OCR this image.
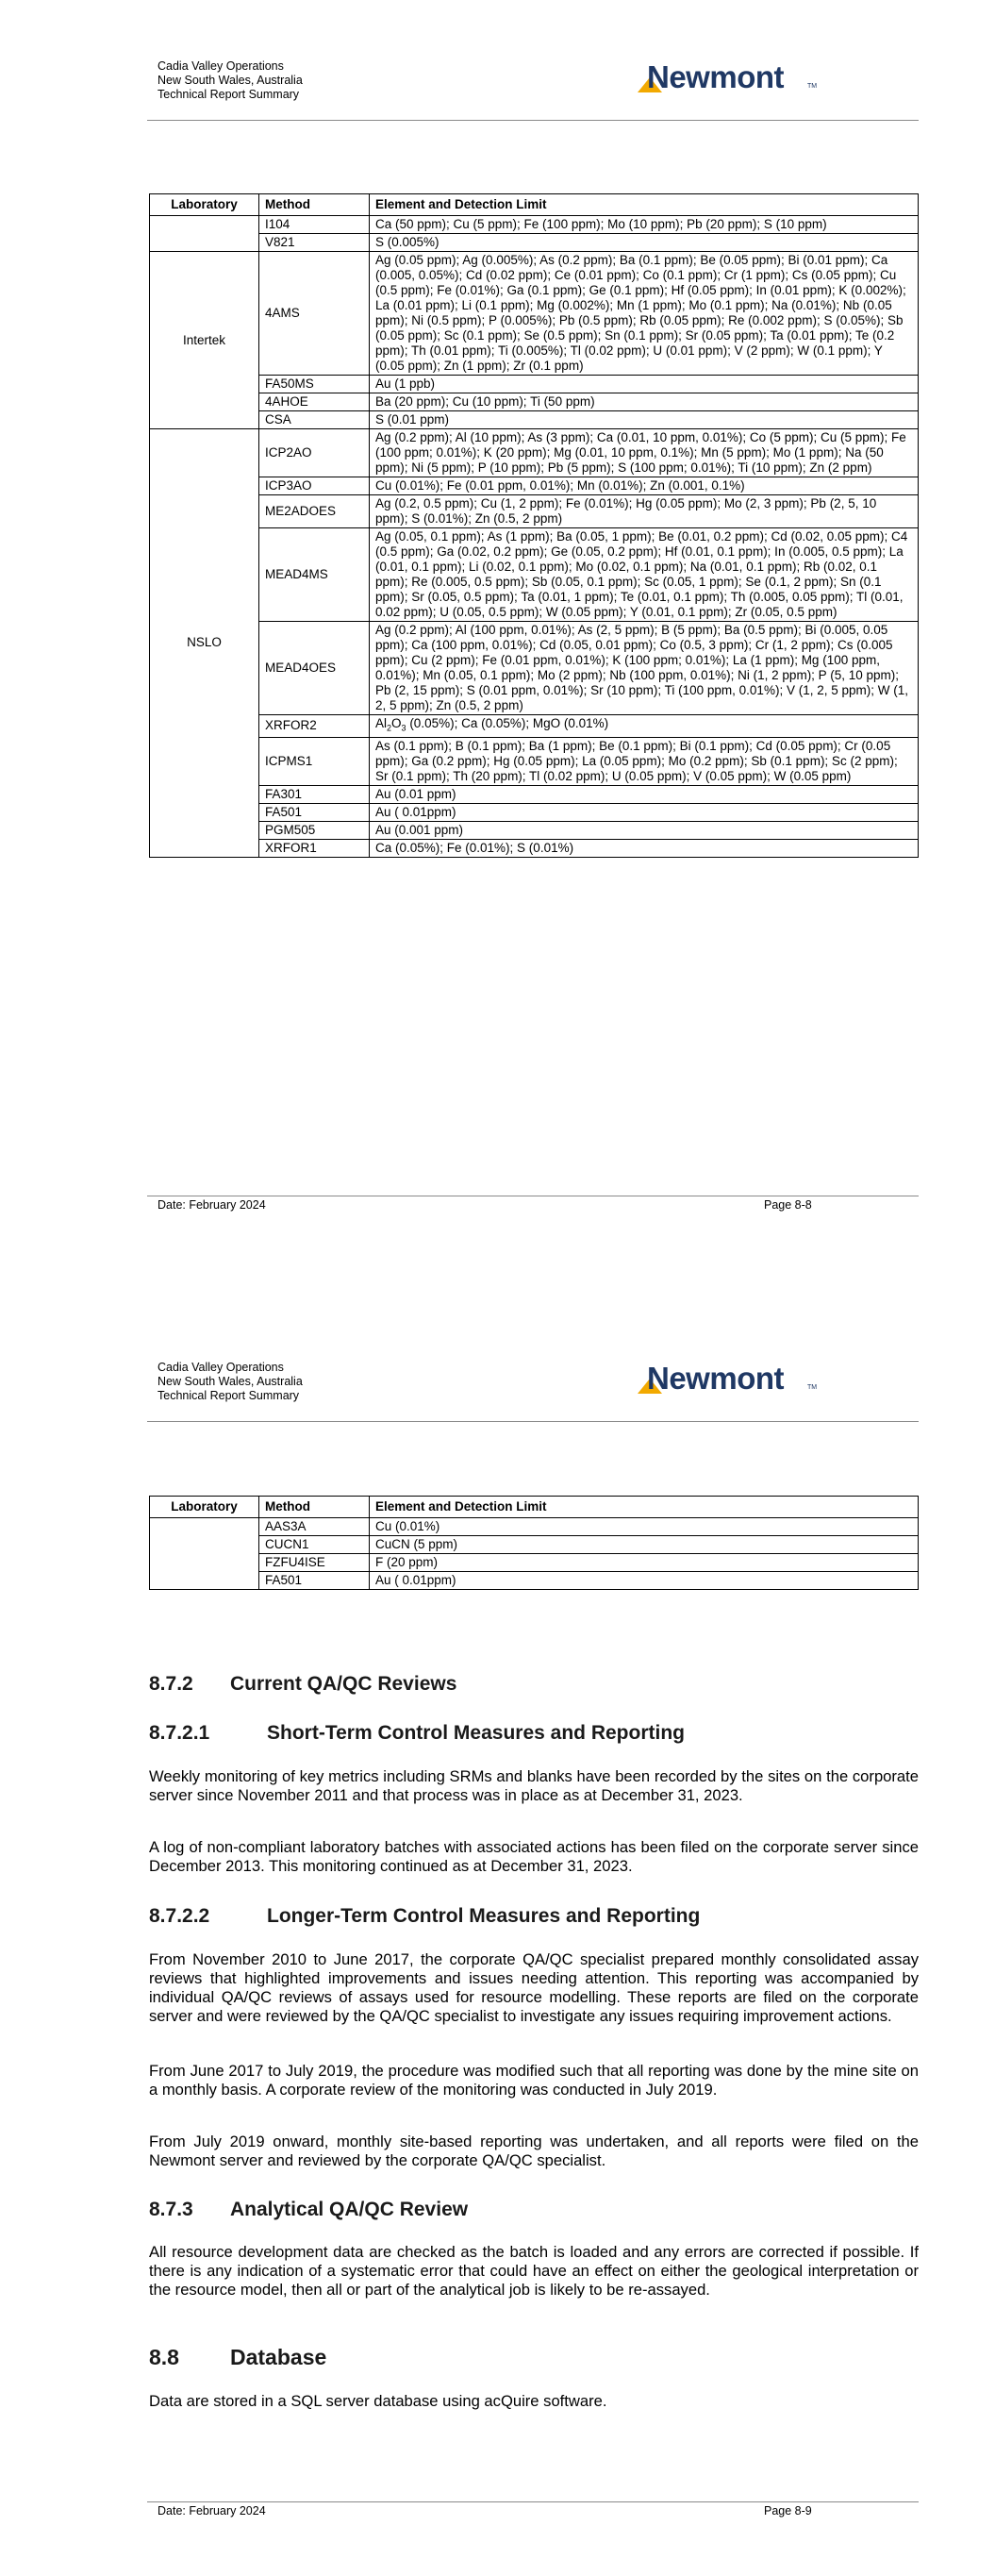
Cadia Valley Operations
New South Wales, Australia
Technical Report Summary	Newmont	TM
Laboratory	Method	Element and Detection Limit
	I104	Ca (50 ppm); Cu (5 ppm); Fe (100 ppm); Mo (10 ppm); Pb (20 ppm); S (10 ppm)
	V821	S (0.005%)
Intertek	4AMS	Ag (0.05 ppm); Ag (0.005%); As (0.2 ppm); Ba (0.1 ppm); Be (0.05 ppm); Bi (0.01 ppm); Ca (0.005, 0.05%); Cd (0.02 ppm); Ce (0.01 ppm); Co (0.1 ppm); Cr (1 ppm); Cs (0.05 ppm); Cu (0.5 ppm); Fe (0.01%); Ga (0.1 ppm); Ge (0.1 ppm); Hf (0.05 ppm); In (0.01 ppm); K (0.002%); La (0.01 ppm); Li (0.1 ppm); Mg (0.002%); Mn (1 ppm); Mo (0.1 ppm); Na (0.01%); Nb (0.05 ppm); Ni (0.5 ppm); P (0.005%); Pb (0.5 ppm); Rb (0.05 ppm); Re (0.002 ppm); S (0.05%); Sb (0.05 ppm); Sc (0.1 ppm); Se (0.5 ppm); Sn (0.1 ppm); Sr (0.05 ppm); Ta (0.01 ppm); Te (0.2 ppm); Th (0.01 ppm); Ti (0.005%); Tl (0.02 ppm); U (0.01 ppm); V (2 ppm); W (0.1 ppm); Y (0.05 ppm); Zn (1 ppm); Zr (0.1 ppm)
	FA50MS	Au (1 ppb)
	4AHOE	Ba (20 ppm); Cu (10 ppm); Ti (50 ppm)
	CSA	S (0.01 ppm)
NSLO	ICP2AO	Ag (0.2 ppm); Al (10 ppm); As (3 ppm); Ca (0.01, 10 ppm, 0.01%); Co (5 ppm); Cu (5 ppm); Fe (100 ppm; 0.01%); K (20 ppm); Mg (0.01, 10 ppm, 0.1%); Mn (5 ppm); Mo (1 ppm); Na (50 ppm); Ni (5 ppm); P (10 ppm); Pb (5 ppm); S (100 ppm; 0.01%); Ti (10 ppm); Zn (2 ppm)
	ICP3AO	Cu (0.01%); Fe (0.01 ppm, 0.01%); Mn (0.01%); Zn (0.001, 0.1%)
	ME2ADOES	Ag (0.2, 0.5 ppm); Cu (1, 2 ppm); Fe (0.01%); Hg (0.05 ppm); Mo (2, 3 ppm); Pb (2, 5, 10 ppm); S (0.01%); Zn (0.5, 2 ppm)
	MEAD4MS	Ag (0.05, 0.1 ppm); As (1 ppm); Ba (0.05, 1 ppm); Be (0.01, 0.2 ppm); Cd (0.02, 0.05 ppm); C4 (0.5 ppm); Ga (0.02, 0.2 ppm); Ge (0.05, 0.2 ppm); Hf (0.01, 0.1 ppm); In (0.005, 0.5 ppm); La (0.01, 0.1 ppm); Li (0.02, 0.1 ppm); Mo (0.02, 0.1 ppm); Na (0.01, 0.1 ppm); Rb (0.02, 0.1 ppm); Re (0.005, 0.5 ppm); Sb (0.05, 0.1 ppm); Sc (0.05, 1 ppm); Se (0.1, 2 ppm); Sn (0.1 ppm); Sr (0.05, 0.5 ppm); Ta (0.01, 1 ppm); Te (0.01, 0.1 ppm); Th (0.005, 0.05 ppm); Tl (0.01, 0.02 ppm); U (0.05, 0.5 ppm); W (0.05 ppm); Y (0.01, 0.1 ppm); Zr (0.05, 0.5 ppm)
	MEAD4OES	Ag (0.2 ppm); Al (100 ppm, 0.01%); As (2, 5 ppm); B (5 ppm); Ba (0.5 ppm); Bi (0.005, 0.05 ppm); Ca (100 ppm, 0.01%); Cd (0.05, 0.01 ppm); Co (0.5, 3 ppm); Cr (1, 2 ppm); Cs (0.005 ppm); Cu (2 ppm); Fe (0.01 ppm, 0.01%); K (100 ppm; 0.01%); La (1 ppm); Mg (100 ppm, 0.01%); Mn (0.05, 0.1 ppm); Mo (2 ppm); Nb (100 ppm, 0.01%); Ni (1, 2 ppm); P (5, 10 ppm); Pb (2, 15 ppm); S (0.01 ppm, 0.01%); Sr (10 ppm); Ti (100 ppm, 0.01%); V (1, 2, 5 ppm); W (1, 2, 5 ppm); Zn (0.5, 2 ppm)
	XRFOR2	$Al_2O_3$ (0.05%); Ca (0.05%); MgO (0.01%)
	ICPMS1	As (0.1 ppm); B (0.1 ppm); Ba (1 ppm); Be (0.1 ppm); Bi (0.1 ppm); Cd (0.05 ppm); Cr (0.05 ppm); Ga (0.2 ppm); Hg (0.05 ppm); La (0.05 ppm); Mo (0.2 ppm); Sb (0.1 ppm); Sc (2 ppm); Sr (0.1 ppm); Th (20 ppm); Tl (0.02 ppm); U (0.05 ppm); V (0.05 ppm); W (0.05 ppm)
	FA301	Au (0.01 ppm)
	FA501	Au ( 0.01ppm)
	PGM505	Au (0.001 ppm)
	XRFOR1	Ca (0.05%); Fe (0.01%); S (0.01%)
Date: February 2024	Page 8-8
Cadia Valley Operations
New South Wales, Australia
Technical Report Summary	Newmont	TM
Laboratory	Method	Element and Detection Limit
	AAS3A	Cu (0.01%)
	CUCN1	CuCN (5 ppm)
	FZFU4ISE	F (20 ppm)
	FA501	Au ( 0.01ppm)
8.7.2 Current QA/QC Reviews
8.7.2.1	Short-Term Control Measures and Reporting

Weekly monitoring of key metrics including SRMs and blanks have been recorded by the sites on the corporate server since November 2011 and that process was in place as at December 31, 2023.

A log of non-compliant laboratory batches with associated actions has been filed on the corporate server since December 2013. This monitoring continued as at December 31, 2023.

8.7.2.2	Longer-Term Control Measures and Reporting

From November 2010 to June 2017, the corporate QA/QC specialist prepared monthly consolidated assay reviews that highlighted improvements and issues needing attention. This reporting was accompanied by individual QA/QC reviews of assays used for resource modelling. These reports are filed on the corporate server and were reviewed by the QA/QC specialist to investigate any issues requiring improvement actions.

From June 2017 to July 2019, the procedure was modified such that all reporting was done by the mine site on a monthly basis. A corporate review of the monitoring was conducted in July 2019.

From July 2019 onward, monthly site-based reporting was undertaken, and all reports were filed on the Newmont server and reviewed by the corporate QA/QC specialist.

8.7.3 Analytical QA/QC Review

All resource development data are checked as the batch is loaded and any errors are corrected if possible. If there is any indication of a systematic error that could have an effect on either the geological interpretation or the resource model, then all or part of the analytical job is likely to be re-assayed.

8.8 Database

Data are stored in a SQL server database using acQuire software.

Date: February 2024	Page 8-9
